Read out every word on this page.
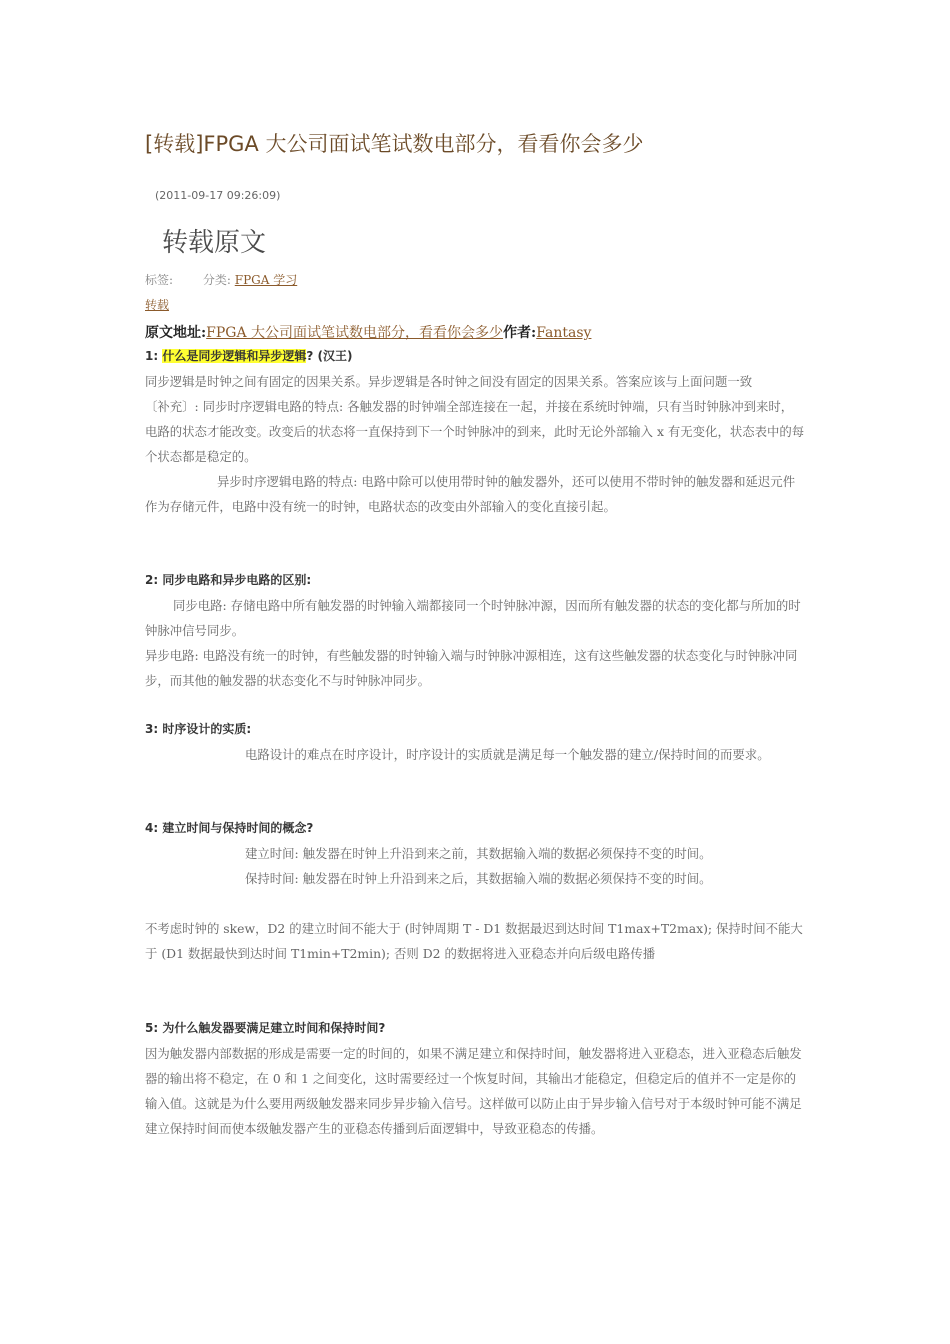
[转载]FPGA 大公司面试笔试数电部分，看看你会多少
(2011-09-17 09:26:09)
转载原文
标签: 分类: FPGA 学习
转载
原文地址:FPGA 大公司面试笔试数电部分，看看你会多少作者:Fantasy

1: 什么是同步逻辑和异步逻辑? (汉王)

同步逻辑是时钟之间有固定的因果关系。异步逻辑是各时钟之间没有固定的因果关系。答案应该与上面问题一致

〔补充〕: 同步时序逻辑电路的特点: 各触发器的时钟端全部连接在一起，并接在系统时钟端，只有当时钟脉冲到来时，电路的状态才能改变。改变后的状态将一直保持到下一个时钟脉冲的到来，此时无论外部输入 x 有无变化，状态表中的每个状态都是稳定的。

异步时序逻辑电路的特点: 电路中除可以使用带时钟的触发器外，还可以使用不带时钟的触发器和延迟元件作为存储元件，电路中没有统一的时钟，电路状态的改变由外部输入的变化直接引起。

2: 同步电路和异步电路的区别:

同步电路: 存储电路中所有触发器的时钟输入端都接同一个时钟脉冲源，因而所有触发器的状态的变化都与所加的时钟脉冲信号同步。

异步电路: 电路没有统一的时钟，有些触发器的时钟输入端与时钟脉冲源相连，这有这些触发器的状态变化与时钟脉冲同步，而其他的触发器的状态变化不与时钟脉冲同步。

3: 时序设计的实质:

电路设计的难点在时序设计，时序设计的实质就是满足每一个触发器的建立/保持时间的而要求。

4: 建立时间与保持时间的概念?

建立时间: 触发器在时钟上升沿到来之前，其数据输入端的数据必须保持不变的时间。

保持时间: 触发器在时钟上升沿到来之后，其数据输入端的数据必须保持不变的时间。

不考虑时钟的 skew，D2 的建立时间不能大于 (时钟周期 T - D1 数据最迟到达时间 T1max+T2max); 保持时间不能大于 (D1 数据最快到达时间 T1min+T2min); 否则 D2 的数据将进入亚稳态并向后级电路传播

5: 为什么触发器要满足建立时间和保持时间?

因为触发器内部数据的形成是需要一定的时间的，如果不满足建立和保持时间，触发器将进入亚稳态，进入亚稳态后触发器的输出将不稳定，在 0 和 1 之间变化，这时需要经过一个恢复时间，其输出才能稳定，但稳定后的值并不一定是你的输入值。这就是为什么要用两级触发器来同步异步输入信号。这样做可以防止由于异步输入信号对于本级时钟可能不满足建立保持时间而使本级触发器产生的亚稳态传播到后面逻辑中，导致亚稳态的传播。
